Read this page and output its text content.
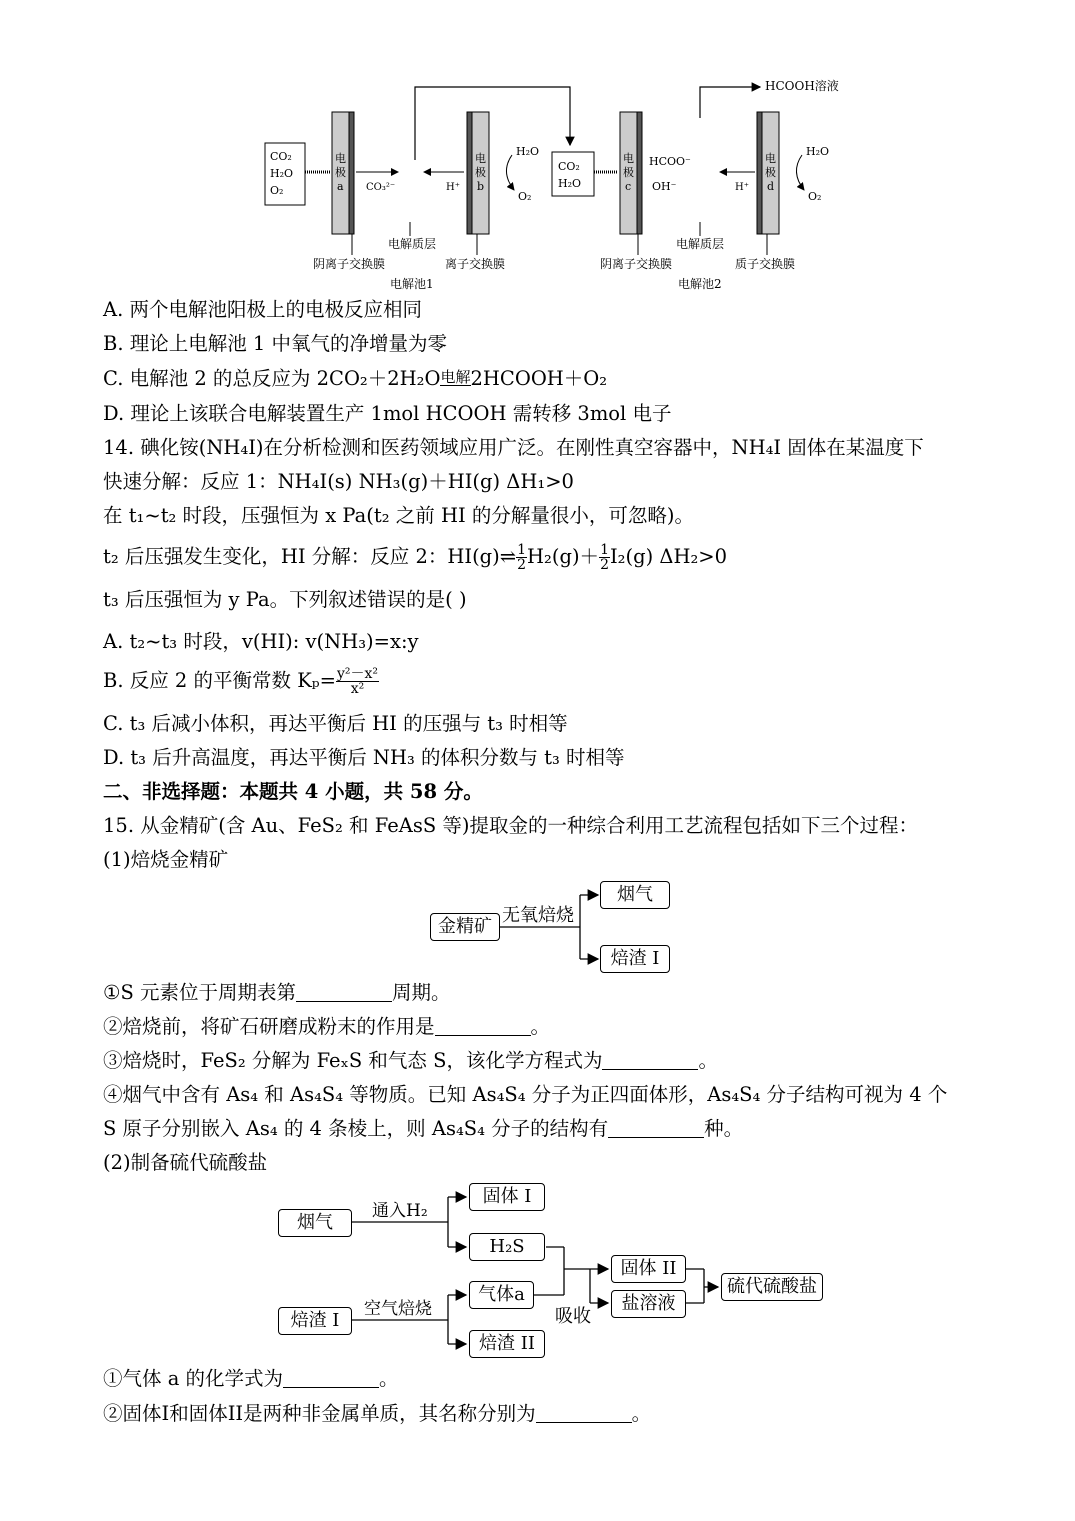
HCOOH溶液
CO₂
H₂O
O₂
电
极
a CO₃²⁻	H⁺
电
极
b
H₂O
O₂
电解质层
阴离子交换膜	离子交换膜
电解池1
CO₂
H₂O
电
极
c
HCOO⁻
OH⁻	H⁺
电
极
d
H₂O
O₂
电解质层
阴离子交换膜	质子交换膜
电解池2
A. 两个电解池阳极上的电极反应相同
B. 理论上电解池 1 中氧气的净增量为零
C. 电解池 2 的总反应为 2CO₂＋2H₂O 电解 2HCOOH＋O₂
D. 理论上该联合电解装置生产 1mol HCOOH 需转移 3mol 电子
14. 碘化铵(NH₄I)在分析检测和医药领域应用广泛。在刚性真空容器中，NH₄I 固体在某温度下
快速分解：反应 1：NH₄I(s) NH₃(g)＋HI(g) ΔH₁>0
在 t₁~t₂ 时段，压强恒为 x Pa(t₂ 之前 HI 的分解量很小，可忽略)。
t₂ 后压强发生变化，HI 分解：反应 2：HI(g)⇌ $\frac{1}{2} H_2(g)+ \frac{1}{2} I_2(g)$ ΔH₂>0
t₃ 后压强恒为 y Pa。下列叙述错误的是( )
A. t₂~t₃ 时段，v(HI): v(NH₃)=x:y
B. 反应 2 的平衡常数 $K_p= \frac{\text{y²－x²}}{\text{x²}}$
C. t₃ 后减小体积，再达平衡后 HI 的压强与 t₃ 时相等
D. t₃ 后升高温度，再达平衡后 NH₃ 的体积分数与 t₃ 时相等
二、非选择题：本题共 4 小题，共 58 分。
15. 从金精矿(含 Au、FeS₂ 和 FeAsS 等)提取金的一种综合利用工艺流程包括如下三个过程：
(1)焙烧金精矿
金精矿
无氧焙烧
烟气
焙渣 I
①S 元素位于周期表第	周期。
②焙烧前，将矿石研磨成粉末的作用是	。
③焙烧时，FeS₂ 分解为 FeₓS 和气态 S，该化学方程式为	。
④烟气中含有 As₄ 和 As₄S₄ 等物质。已知 As₄S₄ 分子为正四面体形，As₄S₄ 分子结构可视为 4 个
S 原子分别嵌入 As₄ 的 4 条棱上，则 As₄S₄ 分子的结构有	种。
(2)制备硫代硫酸盐
烟气
通入H₂
固体 I
H₂S
焙渣 I
空气焙烧
气体a
焙渣 II
吸收
固体 II
盐溶液
硫代硫酸盐
①气体 a 的化学式为	。
②固体I和固体II是两种非金属单质，其名称分别为	。
